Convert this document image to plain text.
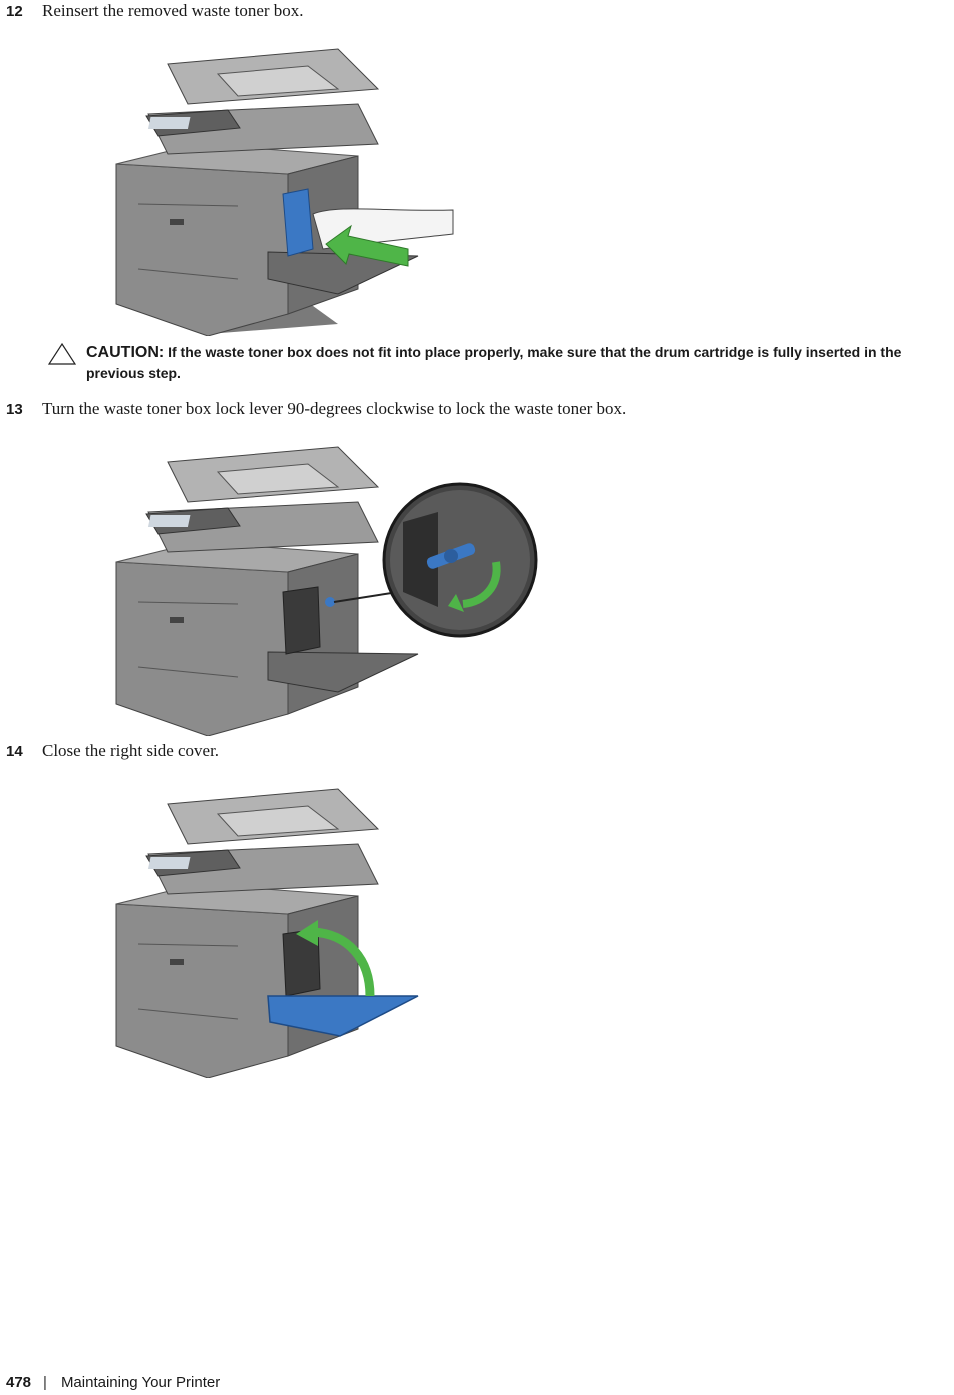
12	Reinsert the removed waste toner box.
CAUTION: If the waste toner box does not fit into place properly, make sure that the drum cartridge is fully inserted in the previous step.
13	Turn the waste toner box lock lever 90-degrees clockwise to lock the waste toner box.
14	Close the right side cover.
478 | Maintaining Your Printer
